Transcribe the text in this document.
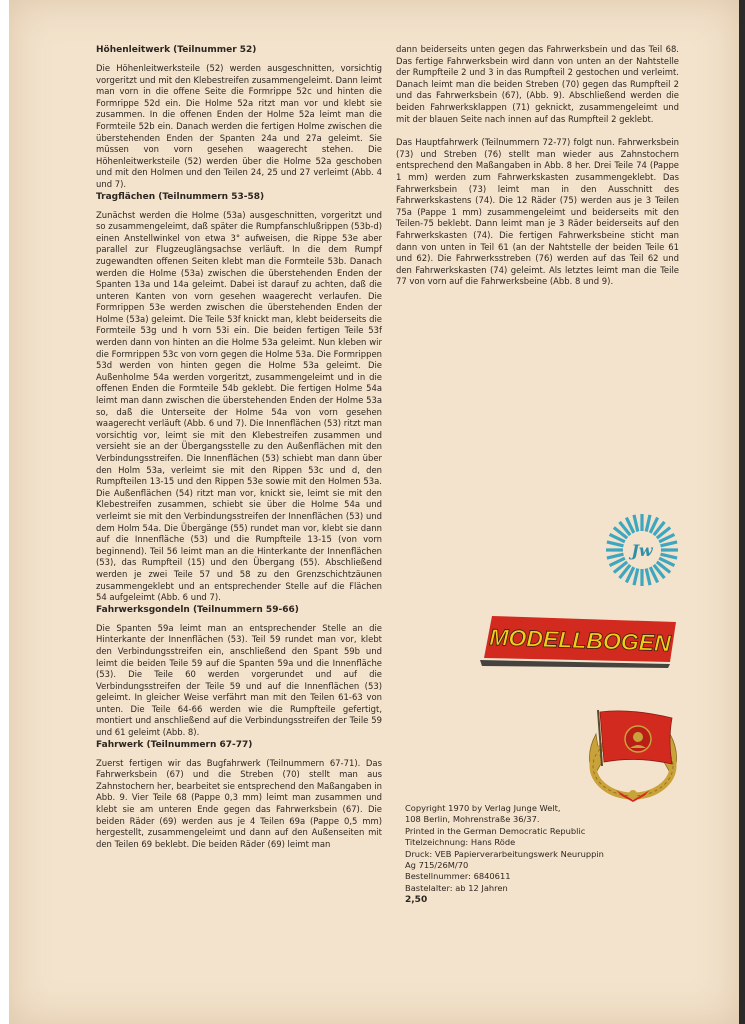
Höhenleitwerk (Teilnummer 52)

Die Höhenleitwerksteile (52) werden ausgeschnitten, vorsichtig vorgeritzt und mit den Klebestreifen zusammengeleimt. Dann leimt man vorn in die offene Seite die Formrippe 52c und hinten die Formrippe 52d ein. Die Holme 52a ritzt man vor und klebt sie zusammen. In die offenen Enden der Holme 52a leimt man die Formteile 52b ein. Danach werden die fertigen Holme zwischen die überstehenden Enden der Spanten 24a und 27a geleimt. Sie müssen von vorn gesehen waagerecht stehen. Die Höhenleitwerksteile (52) werden über die Holme 52a geschoben und mit den Holmen und den Teilen 24, 25 und 27 verleimt (Abb. 4 und 7).

Tragflächen (Teilnummern 53-58)

Zunächst werden die Holme (53a) ausgeschnitten, vorgeritzt und so zusammengeleimt, daß später die Rumpfanschlußrippen (53b-d) einen Anstellwinkel von etwa 3° aufweisen, die Rippe 53e aber parallel zur Flugzeuglängsachse verläuft. In die dem Rumpf zugewandten offenen Seiten klebt man die Formteile 53b. Danach werden die Holme (53a) zwischen die überstehenden Enden der Spanten 13a und 14a geleimt. Dabei ist darauf zu achten, daß die unteren Kanten von vorn gesehen waagerecht verlaufen. Die Formrippen 53e werden zwischen die überstehenden Enden der Holme (53a) geleimt. Die Teile 53f knickt man, klebt beiderseits die Formteile 53g und h vorn 53i ein. Die beiden fertigen Teile 53f werden dann von hinten an die Holme 53a geleimt. Nun kleben wir die Formrippen 53c von vorn gegen die Holme 53a. Die Formrippen 53d werden von hinten gegen die Holme 53a geleimt. Die Außenholme 54a werden vorgeritzt, zusammengeleimt und in die offenen Enden die Formteile 54b geklebt. Die fertigen Holme 54a leimt man dann zwischen die überstehenden Enden der Holme 53a so, daß die Unterseite der Holme 54a von vorn gesehen waagerecht verläuft (Abb. 6 und 7). Die Innenflächen (53) ritzt man vorsichtig vor, leimt sie mit den Klebestreifen zusammen und versieht sie an der Übergangsstelle zu den Außenflächen mit den Verbindungsstreifen. Die Innenflächen (53) schiebt man dann über den Holm 53a, verleimt sie mit den Rippen 53c und d, den Rumpfteilen 13-15 und den Rippen 53e sowie mit den Holmen 53a. Die Außenflächen (54) ritzt man vor, knickt sie, leimt sie mit den Klebestreifen zusammen, schiebt sie über die Holme 54a und verleimt sie mit den Verbindungsstreifen der Innenflächen (53) und dem Holm 54a. Die Übergänge (55) rundet man vor, klebt sie dann auf die Innenfläche (53) und die Rumpfteile 13-15 (von vorn beginnend). Teil 56 leimt man an die Hinterkante der Innenflächen (53), das Rumpfteil (15) und den Übergang (55). Abschließend werden je zwei Teile 57 und 58 zu den Grenzschichtzäunen zusammengeklebt und an entsprechender Stelle auf die Flächen 54 aufgeleimt (Abb. 6 und 7).

Fahrwerksgondeln (Teilnummern 59-66)

Die Spanten 59a leimt man an entsprechender Stelle an die Hinterkante der Innenflächen (53). Teil 59 rundet man vor, klebt den Verbindungsstreifen ein, anschließend den Spant 59b und leimt die beiden Teile 59 auf die Spanten 59a und die Innenfläche (53). Die Teile 60 werden vorgerundet und auf die Verbindungsstreifen der Teile 59 und auf die Innenflächen (53) geleimt. In gleicher Weise verfährt man mit den Teilen 61-63 von unten. Die Teile 64-66 werden wie die Rumpfteile gefertigt, montiert und anschließend auf die Verbindungsstreifen der Teile 59 und 61 geleimt (Abb. 8).

Fahrwerk (Teilnummern 67-77)

Zuerst fertigen wir das Bugfahrwerk (Teilnummern 67-71). Das Fahrwerksbein (67) und die Streben (70) stellt man aus Zahnstochern her, bearbeitet sie entsprechend den Maßangaben in Abb. 9. Vier Teile 68 (Pappe 0,3 mm) leimt man zusammen und klebt sie am unteren Ende gegen das Fahrwerksbein (67). Die beiden Räder (69) werden aus je 4 Teilen 69a (Pappe 0,5 mm) hergestellt, zusammengeleimt und dann auf den Außenseiten mit den Teilen 69 beklebt. Die beiden Räder (69) leimt man

dann beiderseits unten gegen das Fahrwerksbein und das Teil 68. Das fertige Fahrwerksbein wird dann von unten an der Nahtstelle der Rumpfteile 2 und 3 in das Rumpfteil 2 gestochen und verleimt. Danach leimt man die beiden Streben (70) gegen das Rumpfteil 2 und das Fahrwerksbein (67), (Abb. 9). Abschließend werden die beiden Fahrwerksklappen (71) geknickt, zusammengeleimt und mit der blauen Seite nach innen auf das Rumpfteil 2 geklebt.

Das Hauptfahrwerk (Teilnummern 72-77) folgt nun. Fahrwerksbein (73) und Streben (76) stellt man wieder aus Zahnstochern entsprechend den Maßangaben in Abb. 8 her. Drei Teile 74 (Pappe 1 mm) werden zum Fahrwerkskasten zusammengeklebt. Das Fahrwerksbein (73) leimt man in den Ausschnitt des Fahrwerkskastens (74). Die 12 Räder (75) werden aus je 3 Teilen 75a (Pappe 1 mm) zusammengeleimt und beiderseits mit den Teilen-75 beklebt. Dann leimt man je 3 Räder beiderseits auf den Fahrwerkskasten (74). Die fertigen Fahrwerksbeine sticht man dann von unten in Teil 61 (an der Nahtstelle der beiden Teile 61 und 62). Die Fahrwerksstreben (76) werden auf das Teil 62 und den Fahrwerkskasten (74) geleimt. Als letztes leimt man die Teile 77 von vorn auf die Fahrwerksbeine (Abb. 8 und 9).

Jw
MODELLBOGEN
Copyright 1970 by Verlag Junge Welt,
108 Berlin, Mohrenstraße 36/37.
Printed in the German Democratic Republic
Titelzeichnung: Hans Röde
Druck: VEB Papierverarbeitungswerk Neuruppin
Ag 715/26M/70
Bestellnummer: 6840611
Bastelalter: ab 12 Jahren
2,50
